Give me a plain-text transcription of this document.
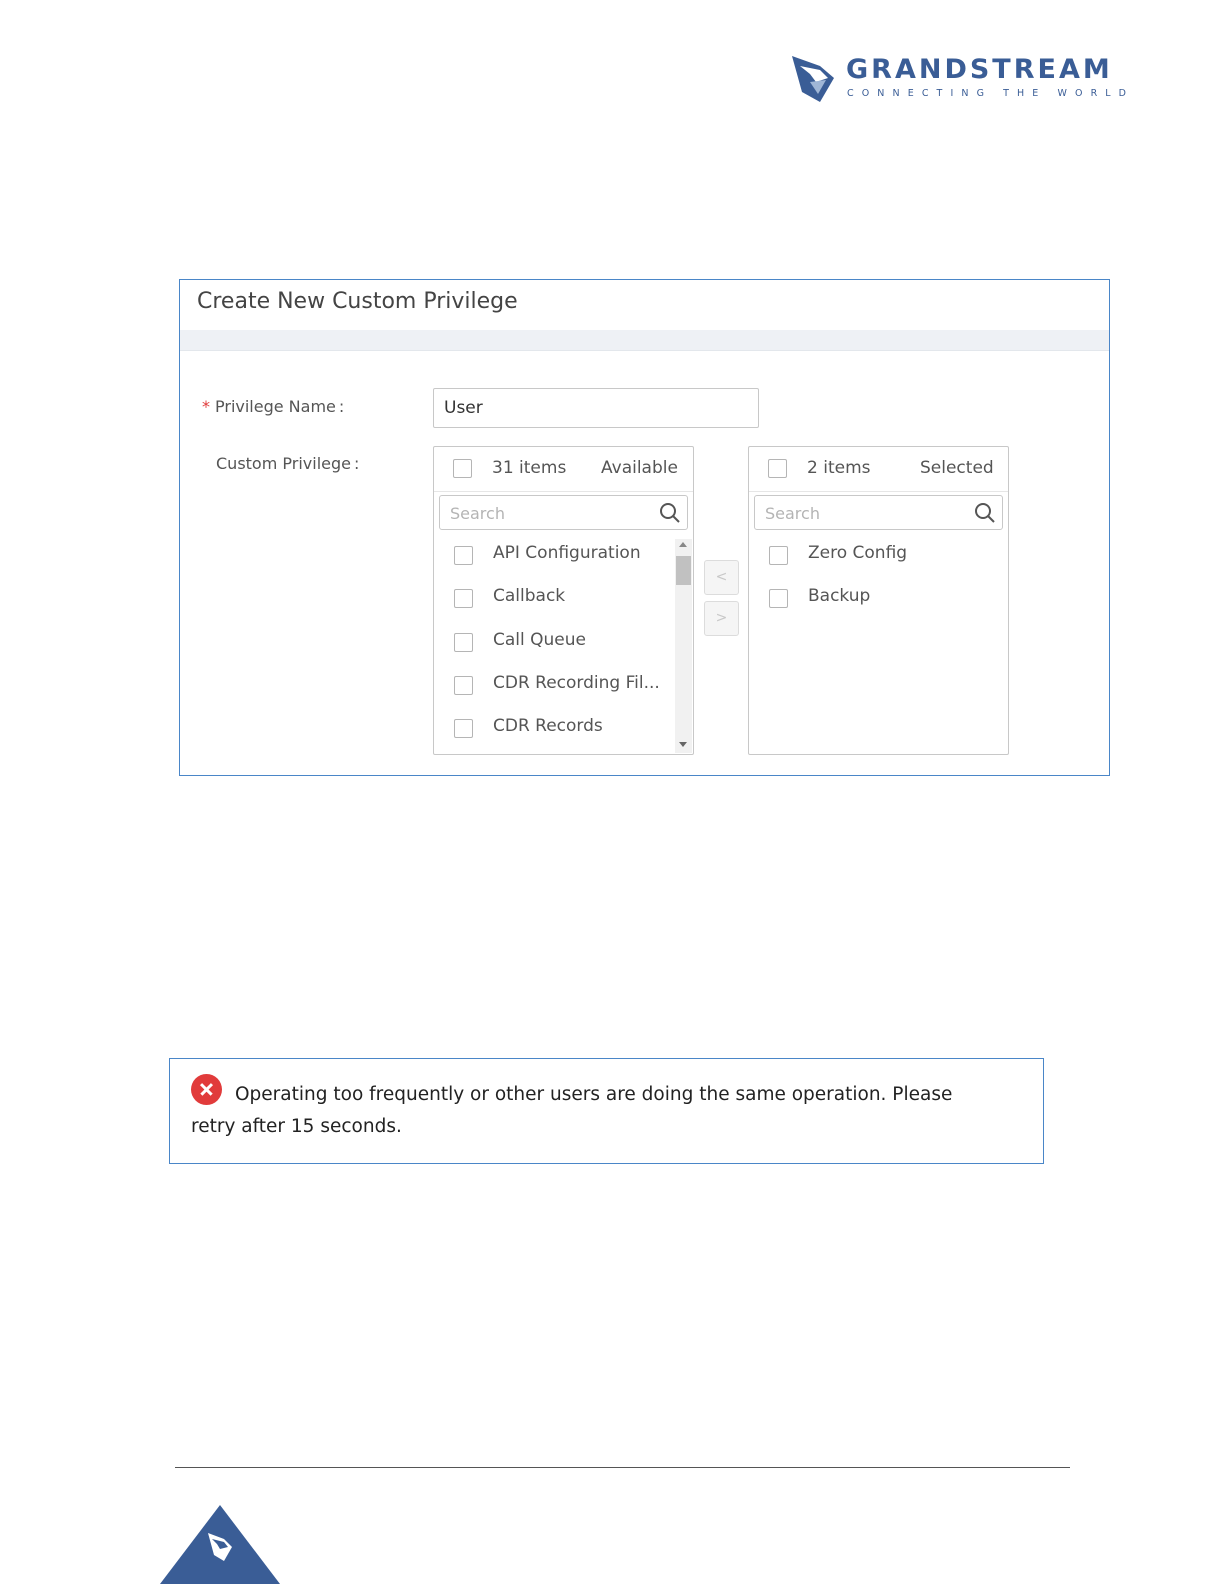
GRANDSTREAM
CONNECTING THE WORLD
Create New Custom Privilege
* Privilege Name :	User
Custom Privilege :	31 items Available
Search
API Configuration
Callback
Call Queue
CDR Recording Fil...
CDR Records
<
>
2 items	Selected
Search
Zero Config
Backup
Operating too frequently or other users are doing the same operation. Please retry after 15 seconds.
